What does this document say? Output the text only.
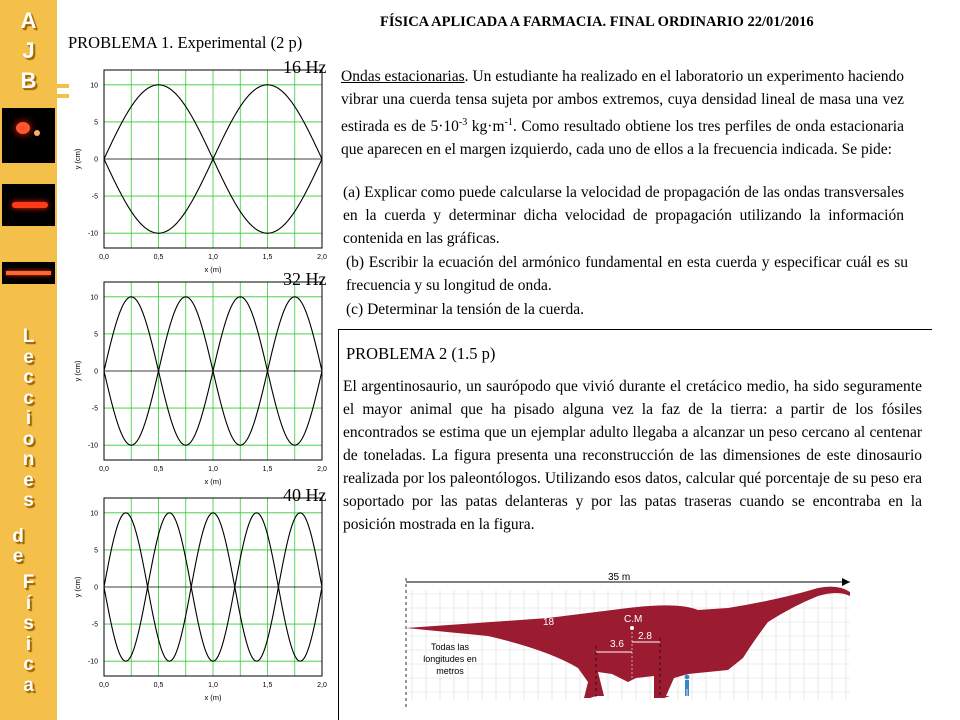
A
J
B
L
e
c
c
i
o
n
e
s
d
e
F
í
s
i
c
a
FÍSICA APLICADA A FARMACIA. FINAL ORDINARIO 22/01/2016
PROBLEMA 1. Experimental (2 p)
0,0	0,5	1,0	1,5	2,0
10
5
0
-5
-10
x (m)
y (cm)
16 Hz
0,0	0,5	1,0	1,5	2,0
10
5
0
-5
-10
x (m)
y (cm)
32 Hz
0,0	0,5	1,0	1,5	2,0
10
5
0
-5
-10
x (m)
y (cm)
40 Hz
Ondas estacionarias. Un estudiante ha realizado en el laboratorio un experimento haciendo vibrar una cuerda tensa sujeta por ambos extremos, cuya densidad lineal de masa una vez estirada es de $5\cdot 10^{-3}$ $kg\cdot m^{-1}$. Como resultado obtiene los tres perfiles de onda estacionaria que aparecen en el margen izquierdo, cada uno de ellos a la frecuencia indicada. Se pide:
(a) Explicar como puede calcularse la velocidad de propagación de las ondas transversales en la cuerda y determinar dicha velocidad de propagación utilizando la información contenida en las gráficas.
(b) Escribir la ecuación del armónico fundamental en esta cuerda y especificar cuál es su frecuencia y su longitud de onda.
(c) Determinar la tensión de la cuerda.
PROBLEMA 2 (1.5 p)
El argentinosaurio, un saurópodo que vivió durante el cretácico medio, ha sido seguramente el mayor animal que ha pisado alguna vez la faz de la tierra: a partir de los fósiles encontrados se estima que un ejemplar adulto llegaba a alcanzar un peso cercano al centenar de toneladas. La figura presenta una reconstrucción de las dimensiones de este dinosaurio realizada por los paleontólogos. Utilizando esos datos, calcular qué porcentaje de su peso era soportado por las patas delanteras y por las patas traseras cuando se encontraba en la posición mostrada en la figura.
35 m
C.M
18
3.6
2.8
Todas las
longitudes en
metros
